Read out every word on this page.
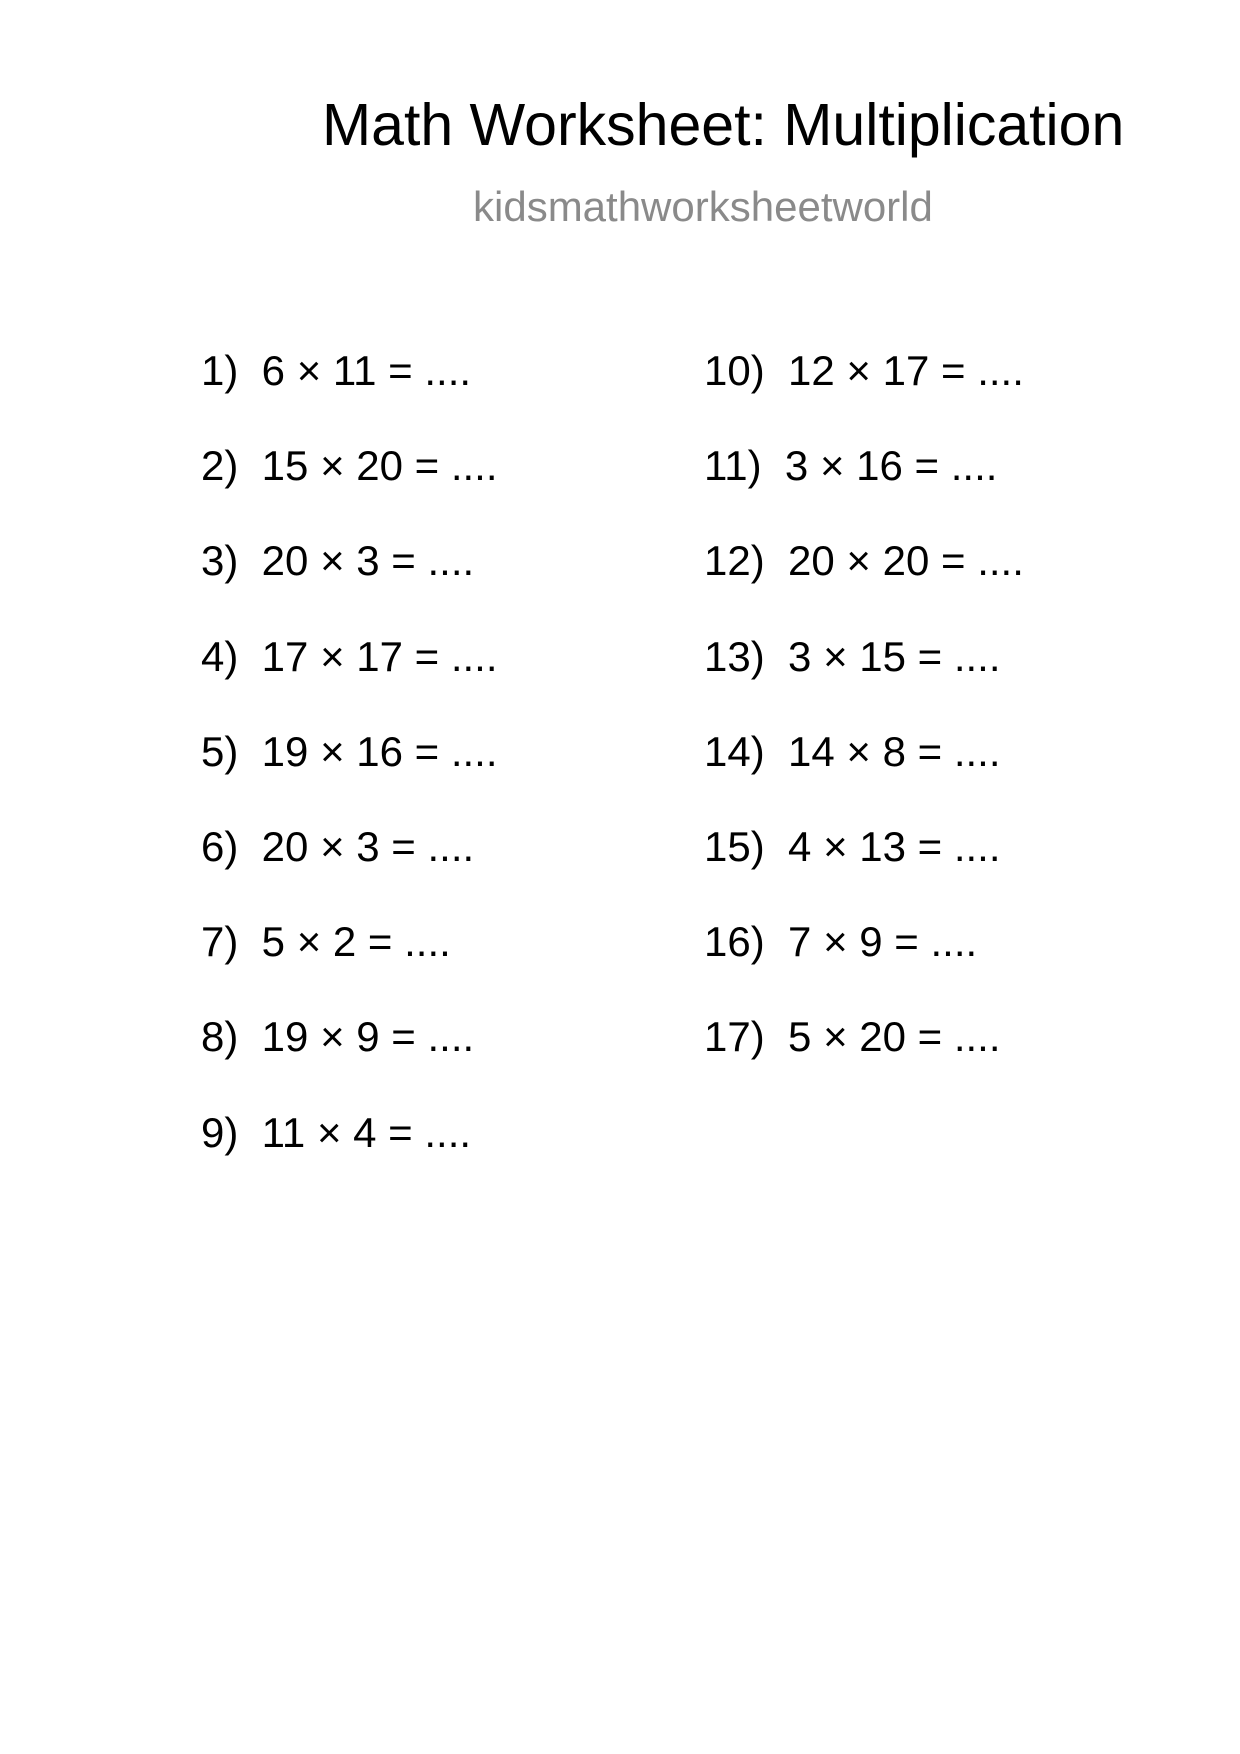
Math Worksheet: Multiplication
kidsmathworksheetworld
1)  6 × 11 = ....
2)  15 × 20 = ....
3)  20 × 3 = ....
4)  17 × 17 = ....
5)  19 × 16 = ....
6)  20 × 3 = ....
7)  5 × 2 = ....
8)  19 × 9 = ....
9)  11 × 4 = ....
10)  12 × 17 = ....
11)  3 × 16 = ....
12)  20 × 20 = ....
13)  3 × 15 = ....
14)  14 × 8 = ....
15)  4 × 13 = ....
16)  7 × 9 = ....
17)  5 × 20 = ....
